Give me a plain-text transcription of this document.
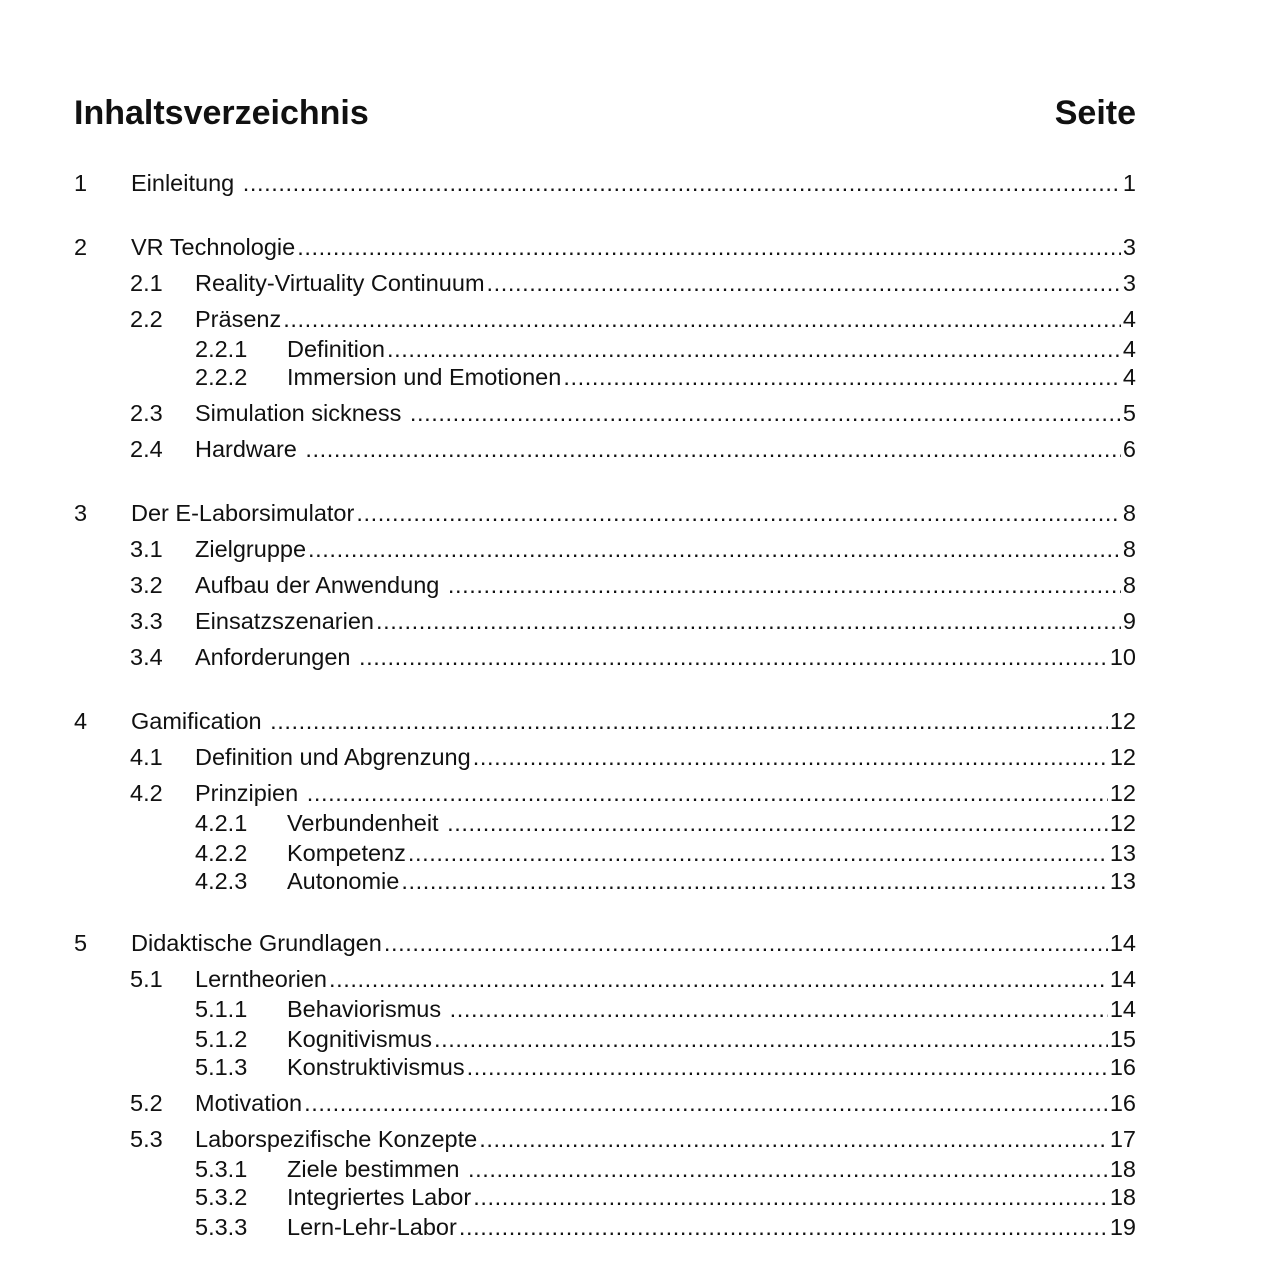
Inhaltsverzeichnis	Seite
1	Einleitung .....	1
2	VR Technologie .....	3
2.1	Reality-Virtuality Continuum .....	3
2.2	Präsenz .....	4
2.2.1	Definition .....	4
2.2.2	Immersion und Emotionen .....	4
2.3	Simulation sickness .....	5
2.4	Hardware .....	6
3	Der E-Laborsimulator .....	8
3.1	Zielgruppe .....	8
3.2	Aufbau der Anwendung .....	8
3.3	Einsatzszenarien .....	9
3.4	Anforderungen .....	10
4	Gamification .....	12
4.1	Definition und Abgrenzung .....	12
4.2	Prinzipien .....	12
4.2.1	Verbundenheit .....	12
4.2.2	Kompetenz .....	13
4.2.3	Autonomie .....	13
5	Didaktische Grundlagen .....	14
5.1	Lerntheorien .....	14
5.1.1	Behaviorismus .....	14
5.1.2	Kognitivismus .....	15
5.1.3	Konstruktivismus .....	16
5.2	Motivation .....	16
5.3	Laborspezifische Konzepte .....	17
5.3.1	Ziele bestimmen .....	18
5.3.2	Integriertes Labor .....	18
5.3.3	Lern-Lehr-Labor .....	19
